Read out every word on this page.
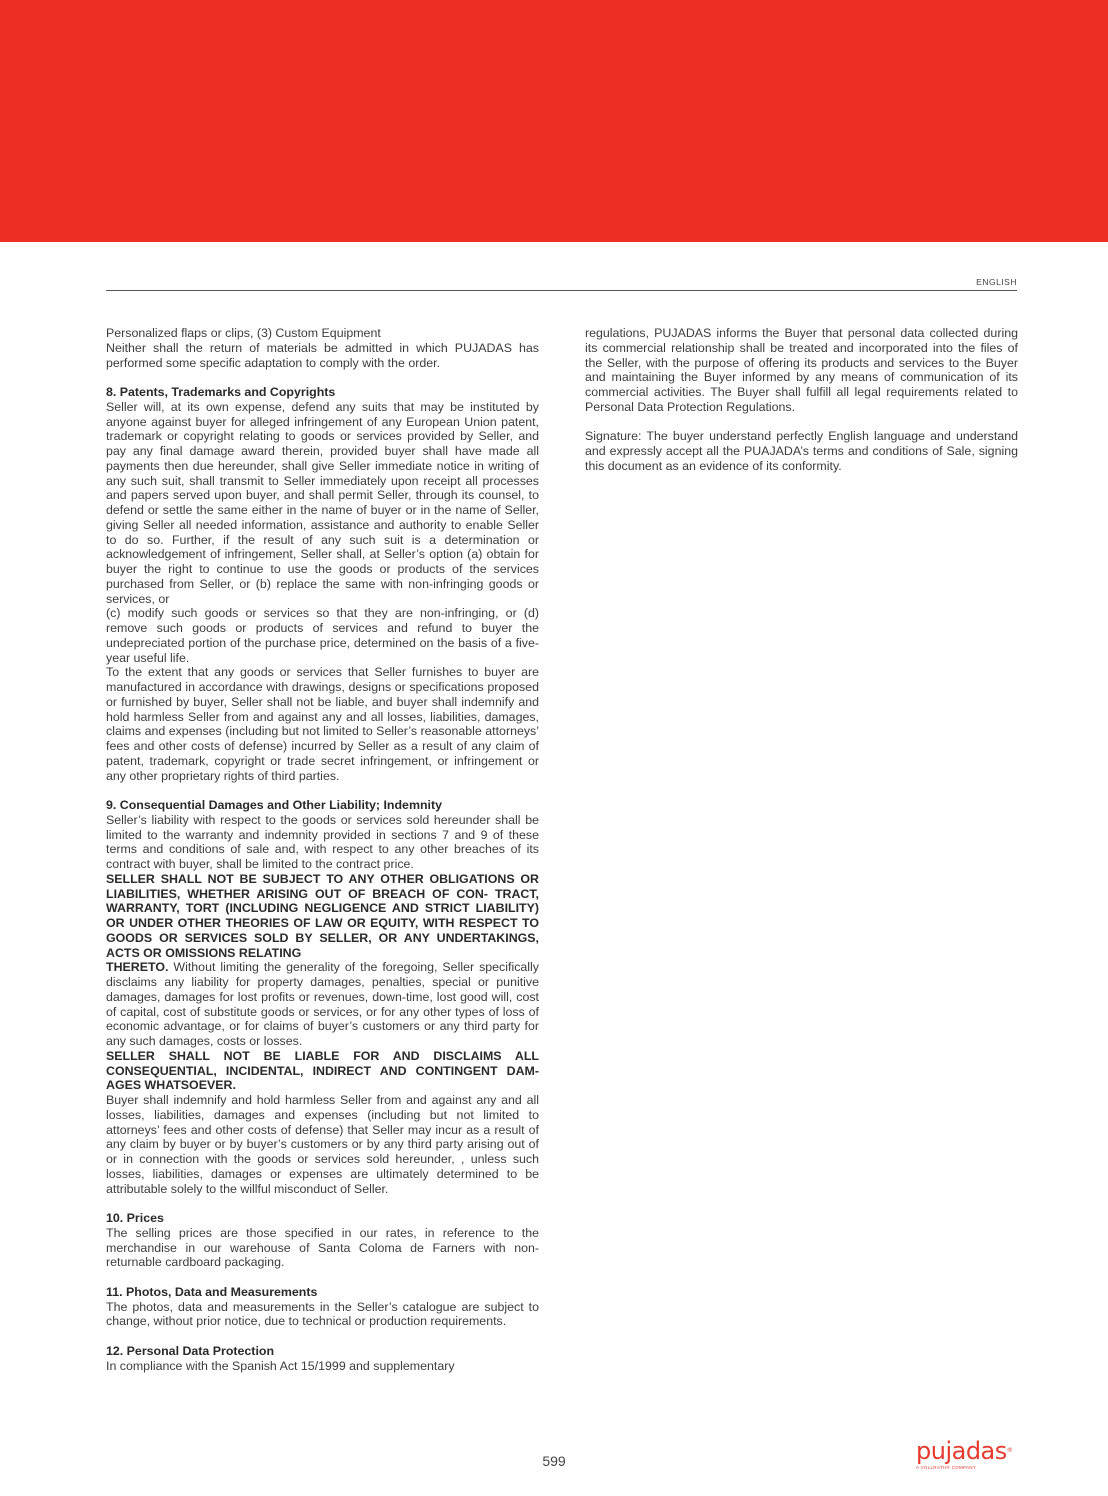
ENGLISH

Personalized flaps or clips, (3) Custom Equipment

Neither shall the return of materials be admitted in which PUJADAS has performed some specific adaptation to comply with the order.

8. Patents, Trademarks and Copyrights

Seller will, at its own expense, defend any suits that may be instituted by anyone against buyer for alleged infringement of any European Union patent, trademark or copyright relating to goods or services provided by Seller, and pay any final damage award therein, provided buyer shall have made all payments then due hereunder, shall give Seller immediate notice in writing of any such suit, shall transmit to Seller immediately upon receipt all processes and papers served upon buyer, and shall permit Seller, through its counsel, to defend or settle the same either in the name of buyer or in the name of Seller, giving Seller all needed information, assistance and authority to enable Seller to do so. Further, if the result of any such suit is a determination or acknowledgement of infringement, Seller shall, at Seller’s option (a) obtain for buyer the right to continue to use the goods or products of the services purchased from Seller, or (b) replace the same with non-infringing goods or services, or

(c) modify such goods or services so that they are non-infringing, or (d) remove such goods or products of services and refund to buyer the undepreciated portion of the purchase price, determined on the basis of a five-year useful life.

To the extent that any goods or services that Seller furnishes to buyer are manufactured in accordance with drawings, designs or specifications proposed or furnished by buyer, Seller shall not be liable, and buyer shall indemnify and hold harmless Seller from and against any and all losses, liabilities, damages, claims and expenses (including but not limited to Seller’s reasonable attorneys’ fees and other costs of defense) incurred by Seller as a result of any claim of patent, trademark, copyright or trade secret infringement, or infringement or any other proprietary rights of third parties.

9. Consequential Damages and Other Liability; Indemnity

Seller’s liability with respect to the goods or services sold hereunder shall be limited to the warranty and indemnity provided in sections 7 and 9 of these terms and conditions of sale and, with respect to any other breaches of its contract with buyer, shall be limited to the contract price.

SELLER SHALL NOT BE SUBJECT TO ANY OTHER OBLIGATIONS OR LIABILITIES, WHETHER ARISING OUT OF BREACH OF CON- TRACT, WARRANTY, TORT (INCLUDING NEGLIGENCE AND STRICT LIABILITY) OR UNDER OTHER THEORIES OF LAW OR EQUITY, WITH RESPECT TO GOODS OR SERVICES SOLD BY SELLER, OR ANY UNDERTAKINGS, ACTS OR OMISSIONS RELATING

THERETO. Without limiting the generality of the foregoing, Seller specifically disclaims any liability for property damages, penalties, special or punitive damages, damages for lost profits or revenues, down-time, lost good will, cost of capital, cost of substitute goods or services, or for any other types of loss of economic advantage, or for claims of buyer’s customers or any third party for any such damages, costs or losses.

SELLER SHALL NOT BE LIABLE FOR AND DISCLAIMS ALL CONSEQUENTIAL, INCIDENTAL, INDIRECT AND CONTINGENT DAM- AGES WHATSOEVER.

Buyer shall indemnify and hold harmless Seller from and against any and all losses, liabilities, damages and expenses (including but not limited to attorneys’ fees and other costs of defense) that Seller may incur as a result of any claim by buyer or by buyer’s customers or by any third party arising out of or in connection with the goods or services sold hereunder, , unless such losses, liabilities, damages or expenses are ultimately determined to be attributable solely to the willful misconduct of Seller.

10. Prices

The selling prices are those specified in our rates, in reference to the merchandise in our warehouse of Santa Coloma de Farners with non-returnable cardboard packaging.

11. Photos, Data and Measurements

The photos, data and measurements in the Seller’s catalogue are subject to change, without prior notice, due to technical or production requirements.

12. Personal Data Protection

In compliance with the Spanish Act 15/1999 and supplementary

regulations, PUJADAS informs the Buyer that personal data collected during its commercial relationship shall be treated and incorporated into the files of the Seller, with the purpose of offering its products and services to the Buyer and maintaining the Buyer informed by any means of communication of its commercial activities. The Buyer shall fulfill all legal requirements related to Personal Data Protection Regulations.

Signature: The buyer understand perfectly English language and understand and expressly accept all the PUAJADA’s terms and conditions of Sale, signing this document as an evidence of its conformity.

599	pujadas®
A VOLLRATH® COMPANY
